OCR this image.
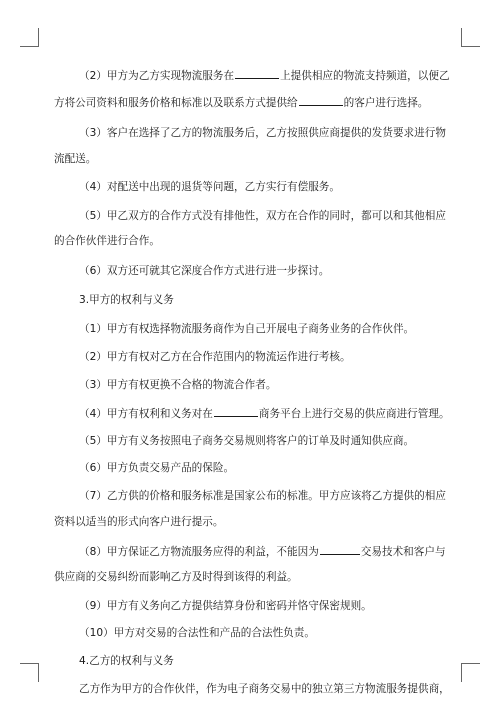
（2）甲方为乙方实现物流服务在	上提供相应的物流支持频道，以便乙
方将公司资料和服务价格和标准以及联系方式提供给	的客户进行选择。
（3）客户在选择了乙方的物流服务后，乙方按照供应商提供的发货要求进行物
流配送。
（4）对配送中出现的退货等问题，乙方实行有偿服务。
（5）甲乙双方的合作方式没有排他性，双方在合作的同时，都可以和其他相应
的合作伙伴进行合作。
（6）双方还可就其它深度合作方式进行进一步探讨。
3.甲方的权利与义务
（1）甲方有权选择物流服务商作为自己开展电子商务业务的合作伙伴。
（2）甲方有权对乙方在合作范围内的物流运作进行考核。
（3）甲方有权更换不合格的物流合作者。
（4）甲方有权利和义务对在	商务平台上进行交易的供应商进行管理。
（5）甲方有义务按照电子商务交易规则将客户的订单及时通知供应商。
（6）甲方负责交易产品的保险。
（7）乙方供的价格和服务标准是国家公布的标准。甲方应该将乙方提供的相应
资料以适当的形式向客户进行提示。
（8）甲方保证乙方物流服务应得的利益，不能因为	交易技术和客户与
供应商的交易纠纷而影响乙方及时得到该得的利益。
（9）甲方有义务向乙方提供结算身份和密码并恪守保密规则。
（10）甲方对交易的合法性和产品的合法性负责。
4.乙方的权利与义务
乙方作为甲方的合作伙伴，作为电子商务交易中的独立第三方物流服务提供商，
